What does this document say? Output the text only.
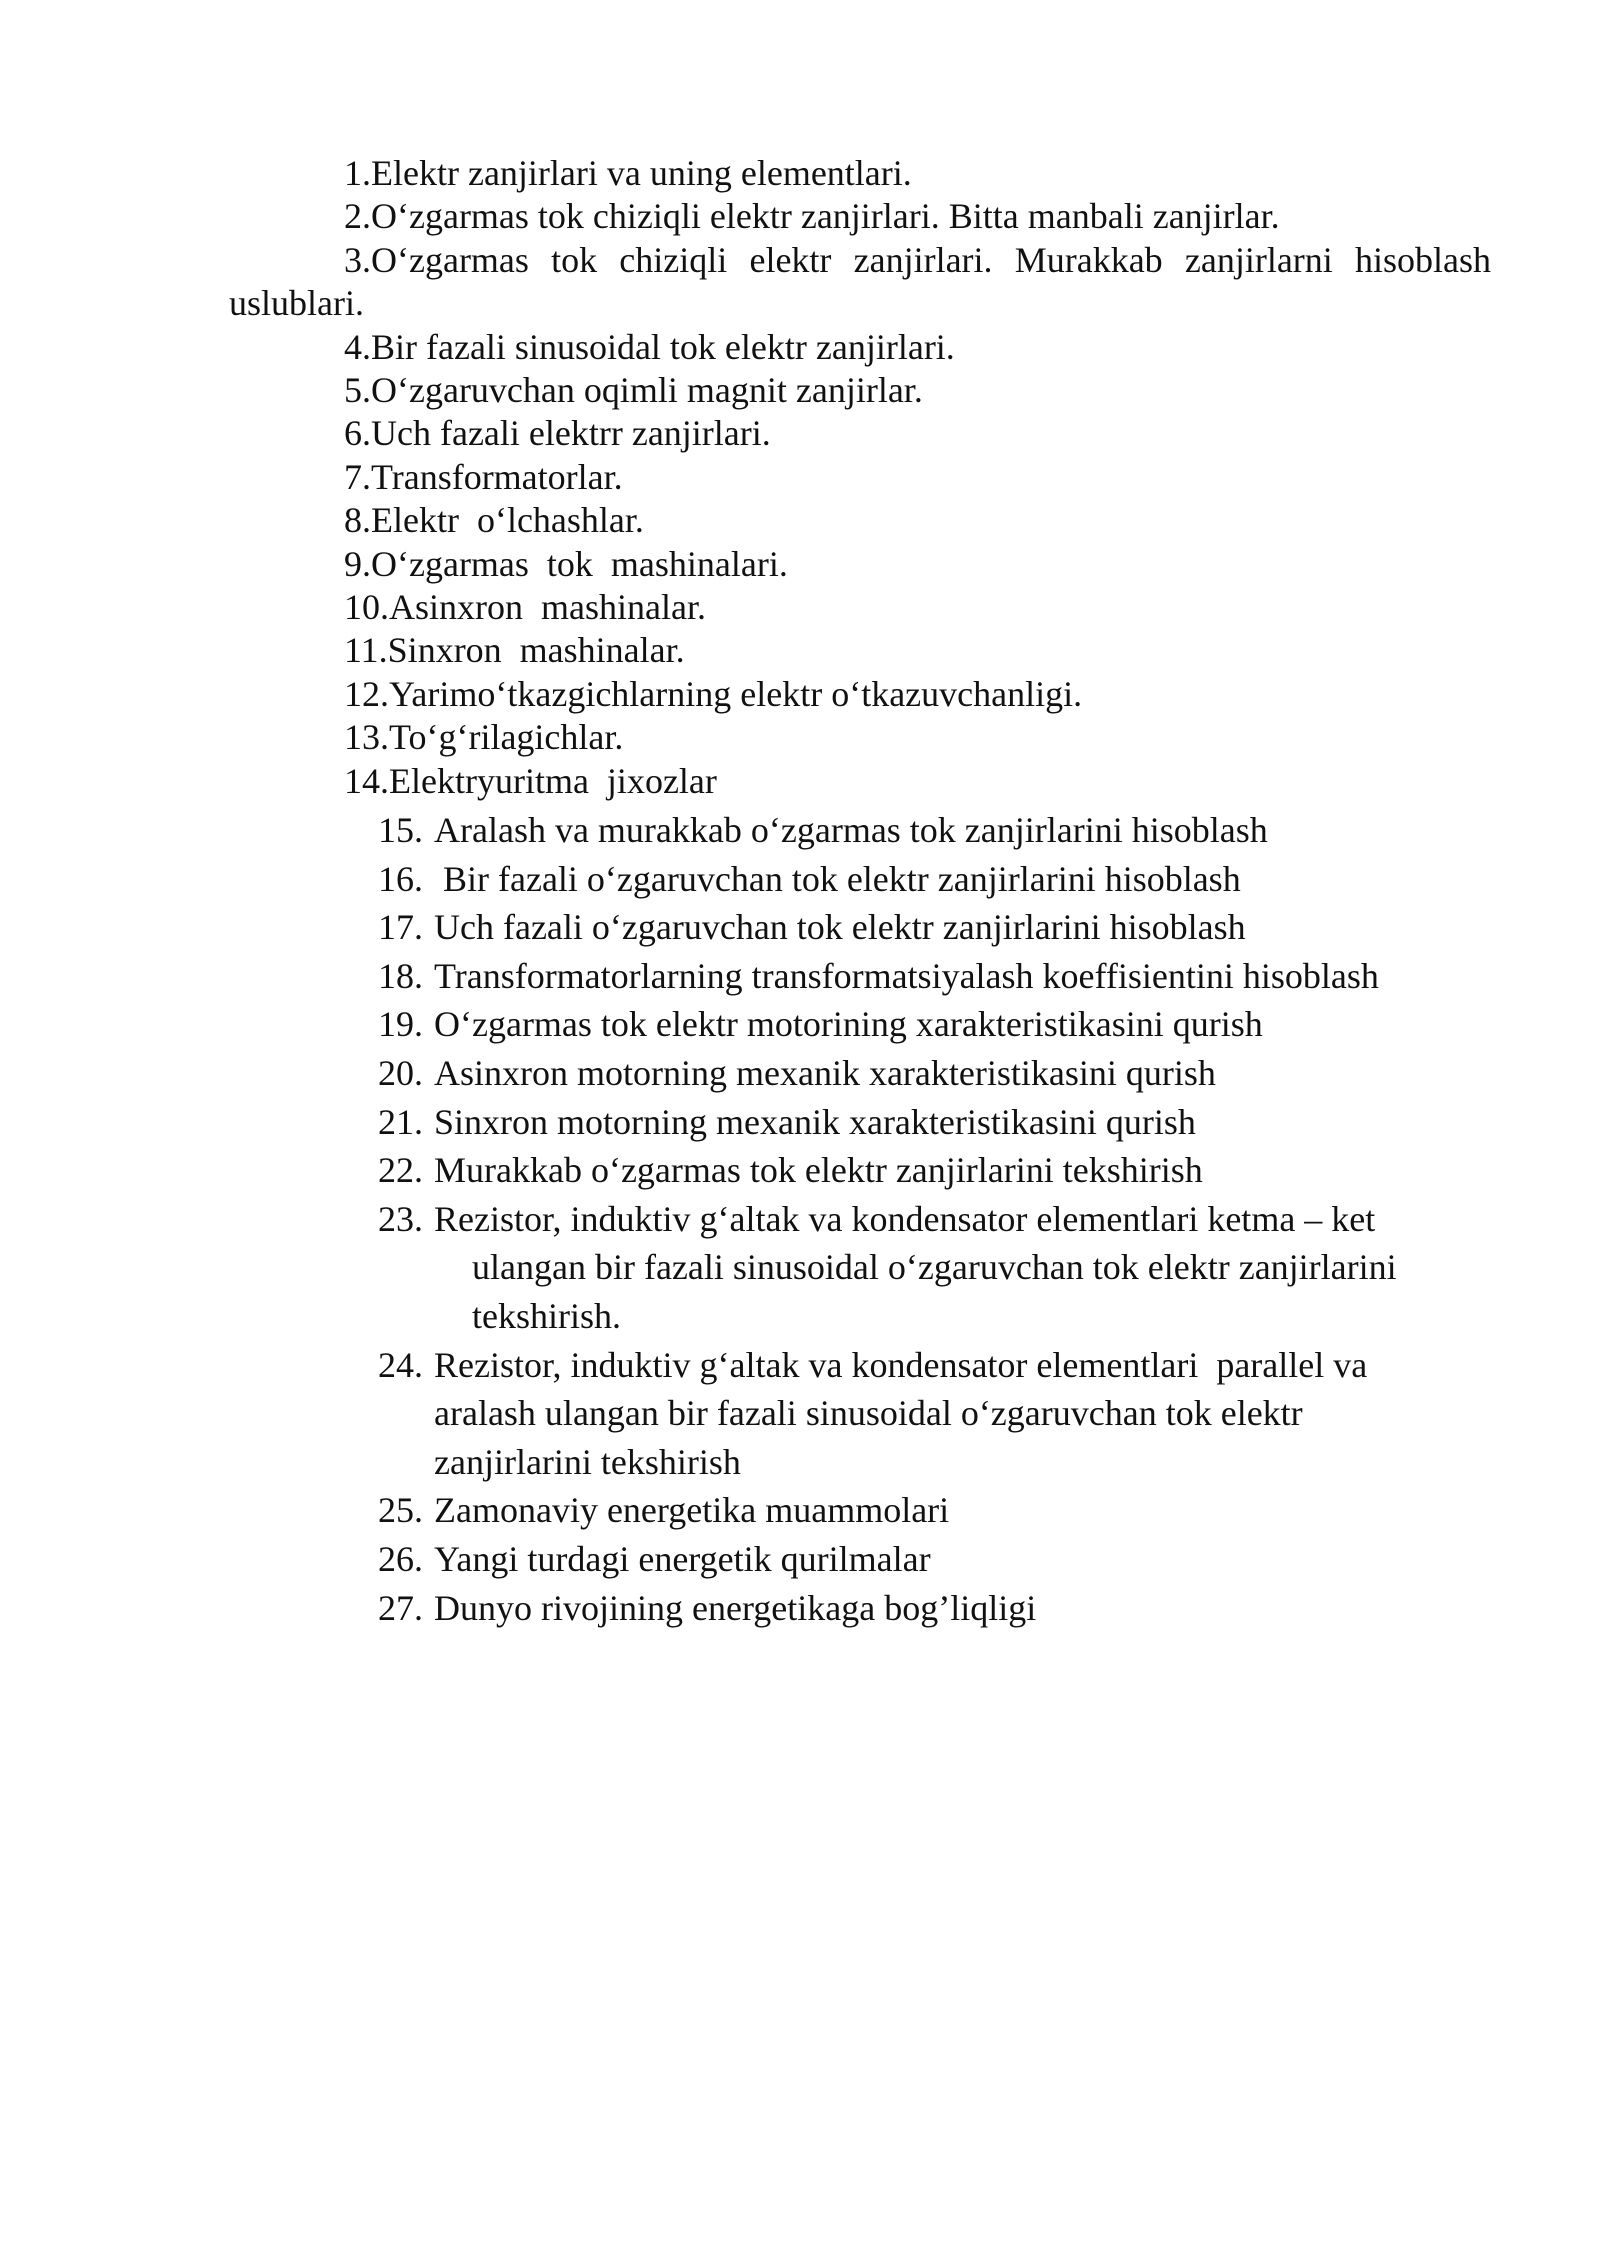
1.Elektr zanjirlari va uning elementlari.

2.O‘zgarmas tok chiziqli elektr zanjirlari. Bitta manbali zanjirlar.

3.O‘zgarmas tok chiziqli elektr zanjirlari. Murakkab zanjirlarni hisoblash uslublari.

4.Bir fazali sinusoidal tok elektr zanjirlari.

5.O‘zgaruvchan oqimli magnit zanjirlar.

6.Uch fazali elektrr zanjirlari.

7.Transformatorlar.

8.Elektr  o‘lchashlar.

9.O‘zgarmas  tok  mashinalari.

10.Asinxron  mashinalar.

11.Sinxron  mashinalar.

12.Yarimo‘tkazgichlarning elektr o‘tkazuvchanligi.

13.To‘g‘rilagichlar.

14.Elektryuritma  jixozlar

15. Aralash va murakkab o‘zgarmas tok zanjirlarini hisoblash
16. Bir fazali o‘zgaruvchan tok elektr zanjirlarini hisoblash
17. Uch fazali o‘zgaruvchan tok elektr zanjirlarini hisoblash
18. Transformatorlarning transformatsiyalash koeffisientini hisoblash
19. O‘zgarmas tok elektr motorining xarakteristikasini qurish
20. Asinxron motorning mexanik xarakteristikasini qurish
21. Sinxron motorning mexanik xarakteristikasini qurish
22. Murakkab o‘zgarmas tok elektr zanjirlarini tekshirish
23. Rezistor, induktiv g‘altak va kondensator elementlari ketma – ket ulangan bir fazali sinusoidal o‘zgaruvchan tok elektr zanjirlarini tekshirish.
24. Rezistor, induktiv g‘altak va kondensator elementlari  parallel va aralash ulangan bir fazali sinusoidal o‘zgaruvchan tok elektr zanjirlarini tekshirish
25. Zamonaviy energetika muammolari
26. Yangi turdagi energetik qurilmalar
27. Dunyo rivojining energetikaga bog’liqligi
